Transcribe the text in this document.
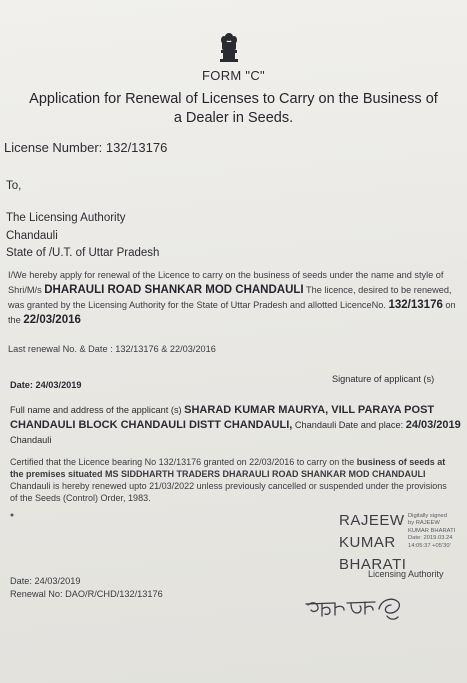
FORM "C"
Application for Renewal of Licenses to Carry on the Business of
a Dealer in Seeds.
License Number: 132/13176
To,
The Licensing Authority
Chandauli
State of /U.T. of Uttar Pradesh
I/We hereby apply for renewal of the Licence to carry on the business of seeds under the name and style of Shri/M/s DHARAULI ROAD SHANKAR MOD CHANDAULI The licence, desired to be renewed, was granted by the Licensing Authority for the State of Uttar Pradesh and allotted LicenceNo. 132/13176 on the 22/03/2016
Last renewal No. & Date : 132/13176 & 22/03/2016
Date: 24/03/2019
Signature of applicant (s)
Full name and address of the applicant (s) SHARAD KUMAR MAURYA, VILL PARAYA POST CHANDAULI BLOCK CHANDAULI DISTT CHANDAULI, Chandauli Date and place: 24/03/2019 Chandauli
Certified that the Licence bearing No 132/13176 granted on 22/03/2016 to carry on the business of seeds at the premises situated MS SIDDHARTH TRADERS DHARAULI ROAD SHANKAR MOD CHANDAULI Chandauli is hereby renewed upto 21/03/2022 unless previously cancelled or suspended under the provisions of the Seeds (Control) Order, 1983.
RAJEEW
KUMAR
BHARATI
Digitally signed
by RAJEEW
KUMAR BHARATI
Date: 2019.03.24
14:05:37 +05'30'
Licensing Authority
Date: 24/03/2019
Renewal No: DAO/R/CHD/132/13176
